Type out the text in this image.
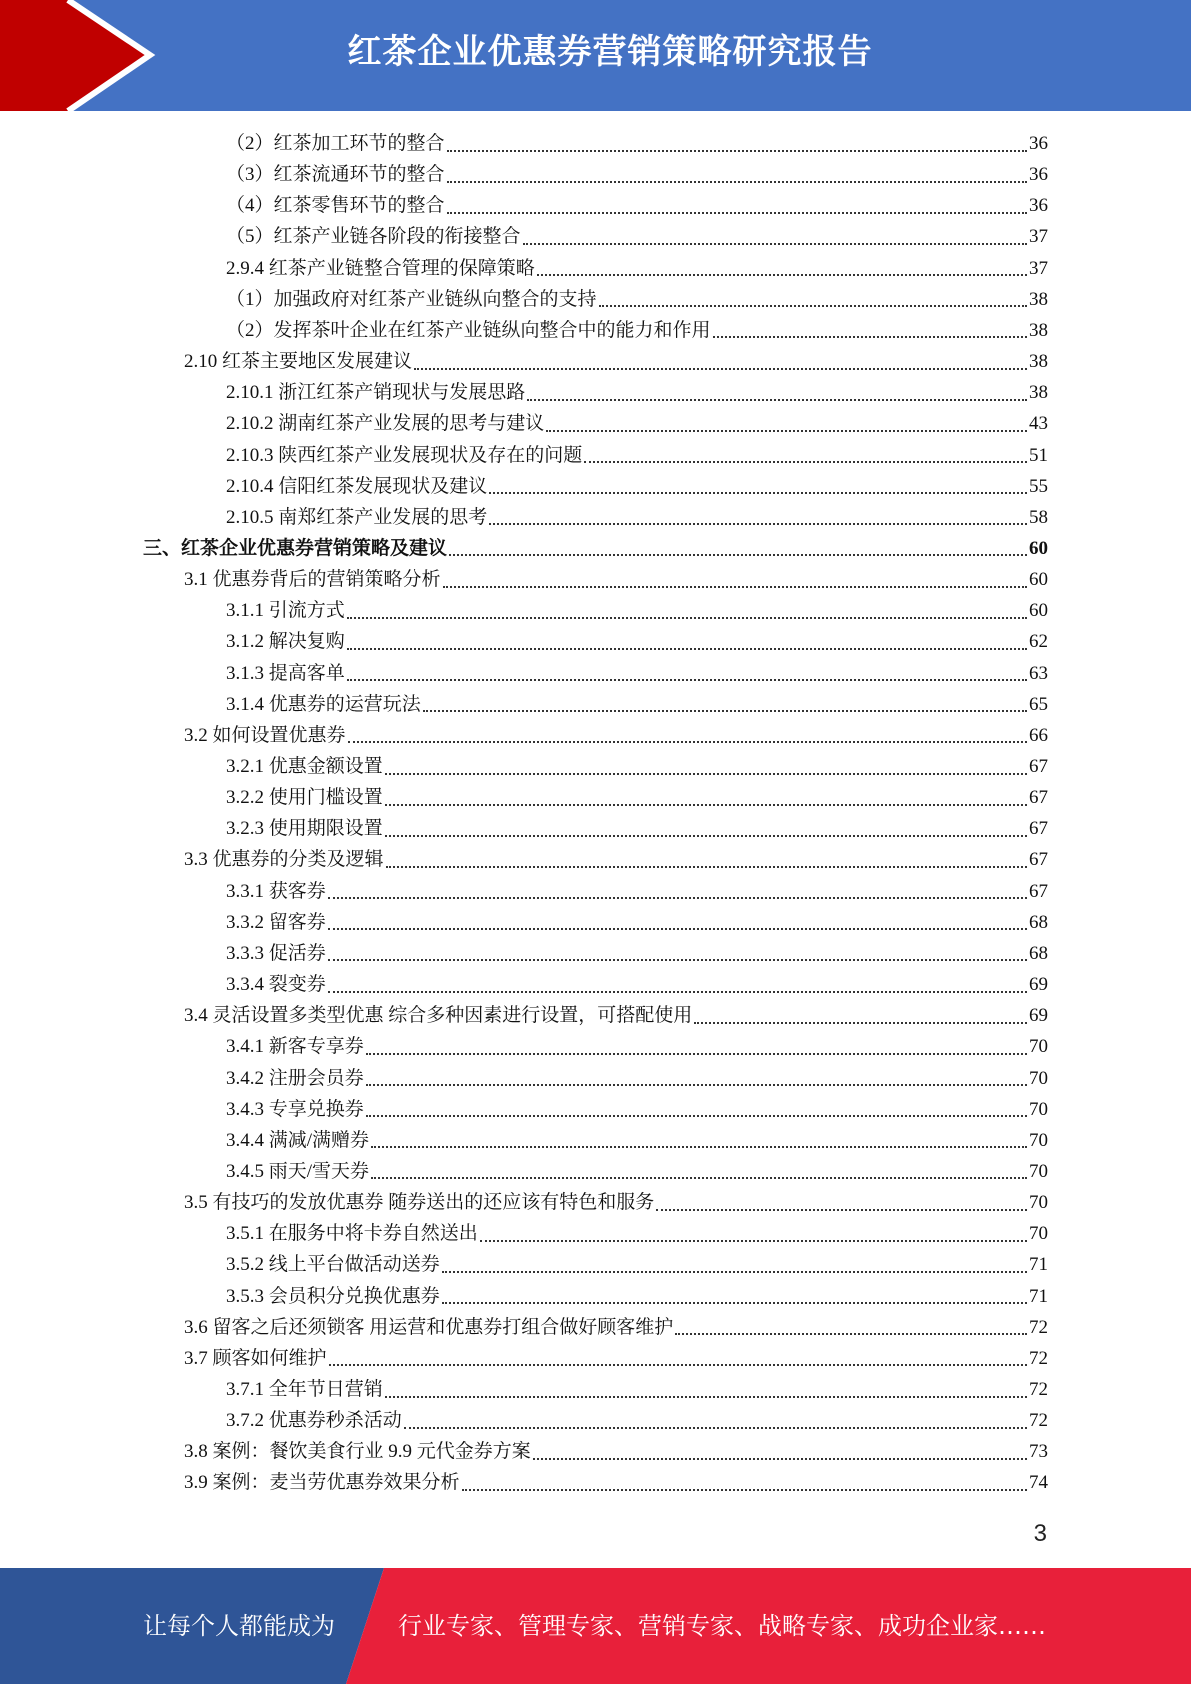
红茶企业优惠券营销策略研究报告
（2）红茶加工环节的整合	36
（3）红茶流通环节的整合	36
（4）红茶零售环节的整合	36
（5）红茶产业链各阶段的衔接整合	37
2.9.4 红茶产业链整合管理的保障策略	37
（1）加强政府对红茶产业链纵向整合的支持	38
（2）发挥茶叶企业在红茶产业链纵向整合中的能力和作用	38
2.10 红茶主要地区发展建议	38
2.10.1 浙江红茶产销现状与发展思路	38
2.10.2 湖南红茶产业发展的思考与建议	43
2.10.3 陕西红茶产业发展现状及存在的问题	51
2.10.4 信阳红茶发展现状及建议	55
2.10.5 南郑红茶产业发展的思考	58
三、红茶企业优惠券营销策略及建议	60
3.1 优惠券背后的营销策略分析	60
3.1.1 引流方式	60
3.1.2 解决复购	62
3.1.3 提高客单	63
3.1.4 优惠券的运营玩法	65
3.2 如何设置优惠券	66
3.2.1 优惠金额设置	67
3.2.2 使用门槛设置	67
3.2.3 使用期限设置	67
3.3 优惠券的分类及逻辑	67
3.3.1 获客券	67
3.3.2 留客券	68
3.3.3 促活券	68
3.3.4 裂变券	69
3.4 灵活设置多类型优惠 综合多种因素进行设置，可搭配使用	69
3.4.1 新客专享券	70
3.4.2 注册会员券	70
3.4.3 专享兑换券	70
3.4.4 满减/满赠券	70
3.4.5 雨天/雪天券	70
3.5 有技巧的发放优惠券 随券送出的还应该有特色和服务	70
3.5.1 在服务中将卡券自然送出	70
3.5.2 线上平台做活动送券	71
3.5.3 会员积分兑换优惠券	71
3.6 留客之后还须锁客 用运营和优惠券打组合做好顾客维护	72
3.7 顾客如何维护	72
3.7.1 全年节日营销	72
3.7.2 优惠券秒杀活动	72
3.8 案例：餐饮美食行业 9.9 元代金券方案	73
3.9 案例：麦当劳优惠券效果分析	74
3
让每个人都能成为	行业专家、管理专家、营销专家、战略专家、成功企业家……
